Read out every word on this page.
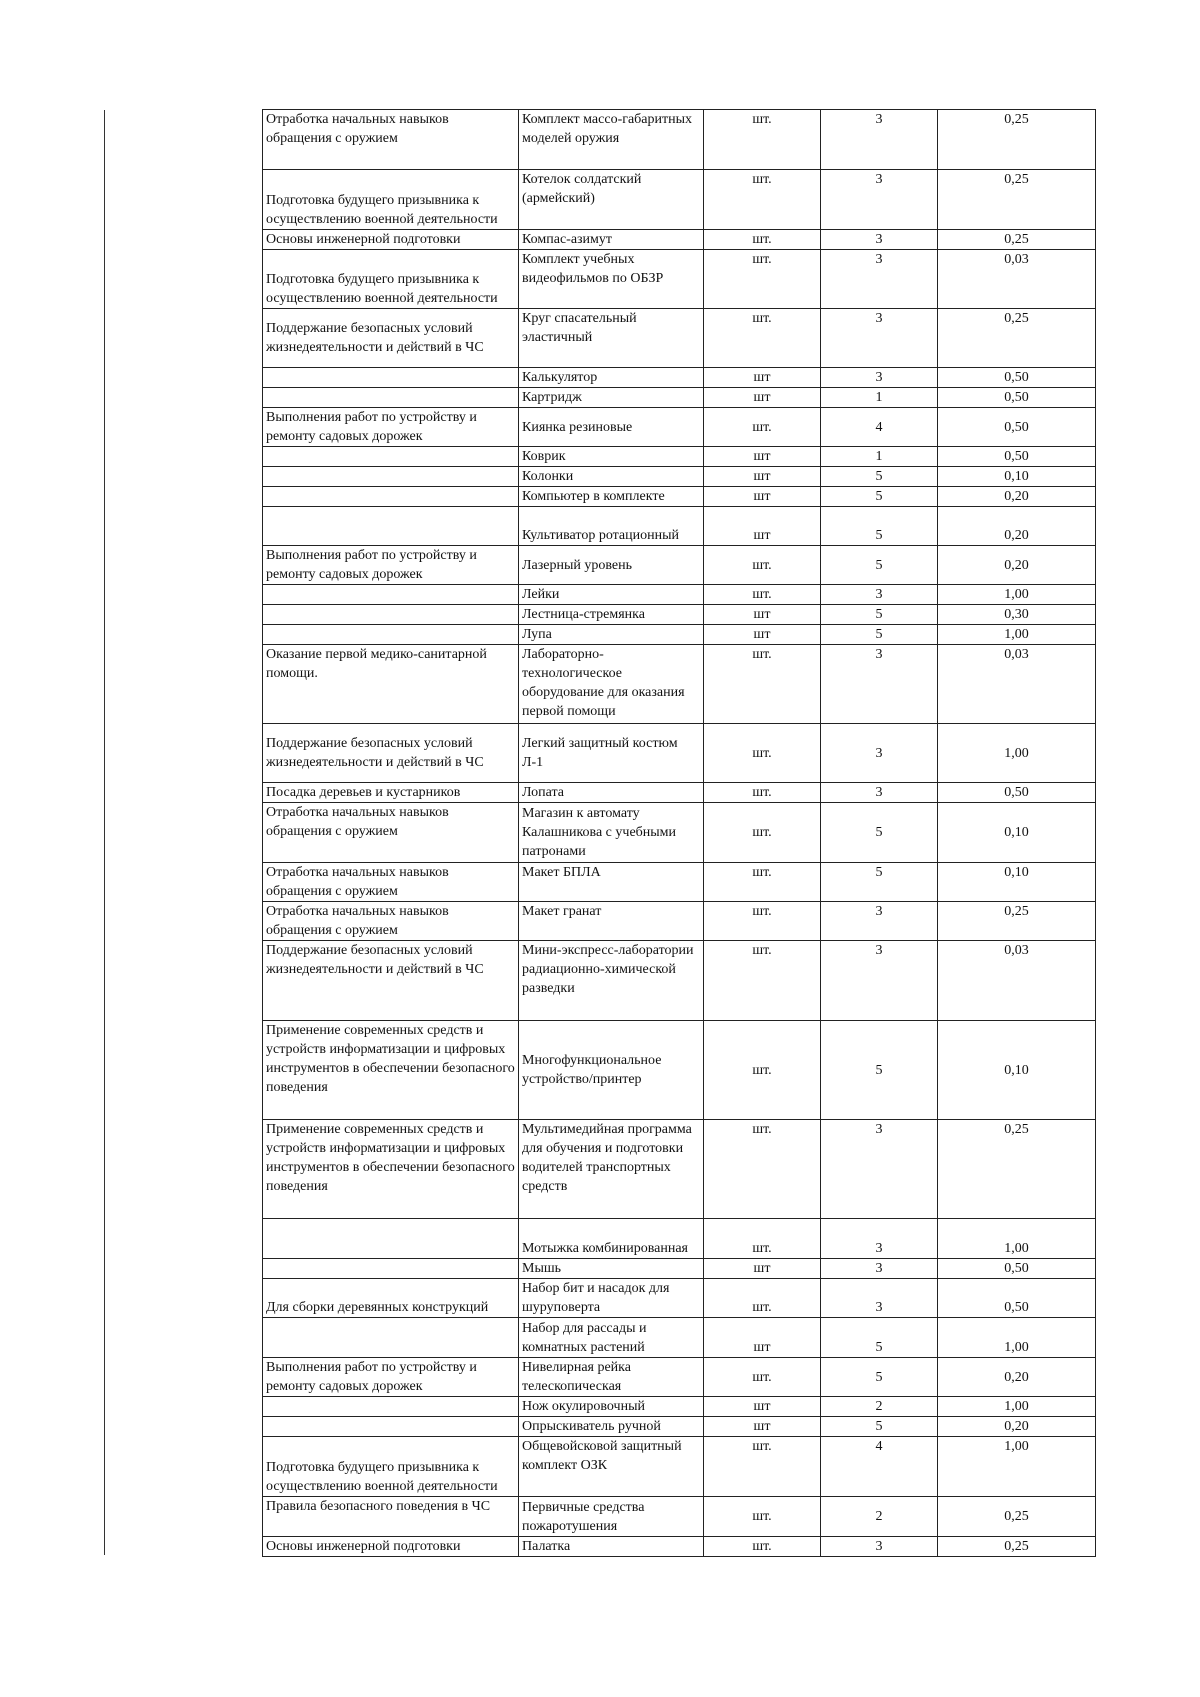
Отработка начальных навыков обращения с оружием	Комплект массо-габаритных моделей оружия	шт.	3	0,25
Подготовка будущего призывника к осуществлению военной деятельности	Котелок солдатский (армейский)	шт.	3	0,25
Основы инженерной подготовки	Компас-азимут	шт.	3	0,25
Подготовка будущего призывника к осуществлению военной деятельности	Комплект учебных видеофильмов по ОБЗР	шт.	3	0,03
Поддержание безопасных условий жизнедеятельности и действий в ЧС	Круг спасательный эластичный	шт.	3	0,25
	Калькулятор	шт	3	0,50
	Картридж	шт	1	0,50
Выполнения работ по устройству и ремонту садовых дорожек	Киянка резиновые	шт.	4	0,50
	Коврик	шт	1	0,50
	Колонки	шт	5	0,10
	Компьютер в комплекте	шт	5	0,20
	Культиватор ротационный	шт	5	0,20
Выполнения работ по устройству и ремонту садовых дорожек	Лазерный уровень	шт.	5	0,20
	Лейки	шт.	3	1,00
	Лестница-стремянка	шт	5	0,30
	Лупа	шт	5	1,00
Оказание первой медико-санитарной помощи.	Лабораторно-технологическое оборудование для оказания первой помощи	шт.	3	0,03
Поддержание безопасных условий жизнедеятельности и действий в ЧС	Легкий защитный костюм Л-1	шт.	3	1,00
Посадка деревьев и кустарников	Лопата	шт.	3	0,50
Отработка начальных навыков обращения с оружием	Магазин к автомату Калашникова с учебными патронами	шт.	5	0,10
Отработка начальных навыков обращения с оружием	Макет БПЛА	шт.	5	0,10
Отработка начальных навыков обращения с оружием	Макет гранат	шт.	3	0,25
Поддержание безопасных условий жизнедеятельности и действий в ЧС	Мини-экспресс-лаборатории радиационно-химической разведки	шт.	3	0,03
Применение современных средств и устройств информатизации и цифровых инструментов в обеспечении безопасного поведения	Многофункциональное устройство/принтер	шт.	5	0,10
Применение современных средств и устройств информатизации и цифровых инструментов в обеспечении безопасного поведения	Мультимедийная программа для обучения и подготовки водителей транспортных средств	шт.	3	0,25
	Мотыжка комбинированная	шт.	3	1,00
	Мышь	шт	3	0,50
Для сборки деревянных конструкций	Набор бит и насадок для шуруповерта	шт.	3	0,50
	Набор для рассады и комнатных растений	шт	5	1,00
Выполнения работ по устройству и ремонту садовых дорожек	Нивелирная рейка телескопическая	шт.	5	0,20
	Нож окулировочный	шт	2	1,00
	Опрыскиватель ручной	шт	5	0,20
Подготовка будущего призывника к осуществлению военной деятельности	Общевойсковой защитный комплект ОЗК	шт.	4	1,00
Правила безопасного поведения в ЧС	Первичные средства пожаротушения	шт.	2	0,25
Основы инженерной подготовки	Палатка	шт.	3	0,25
